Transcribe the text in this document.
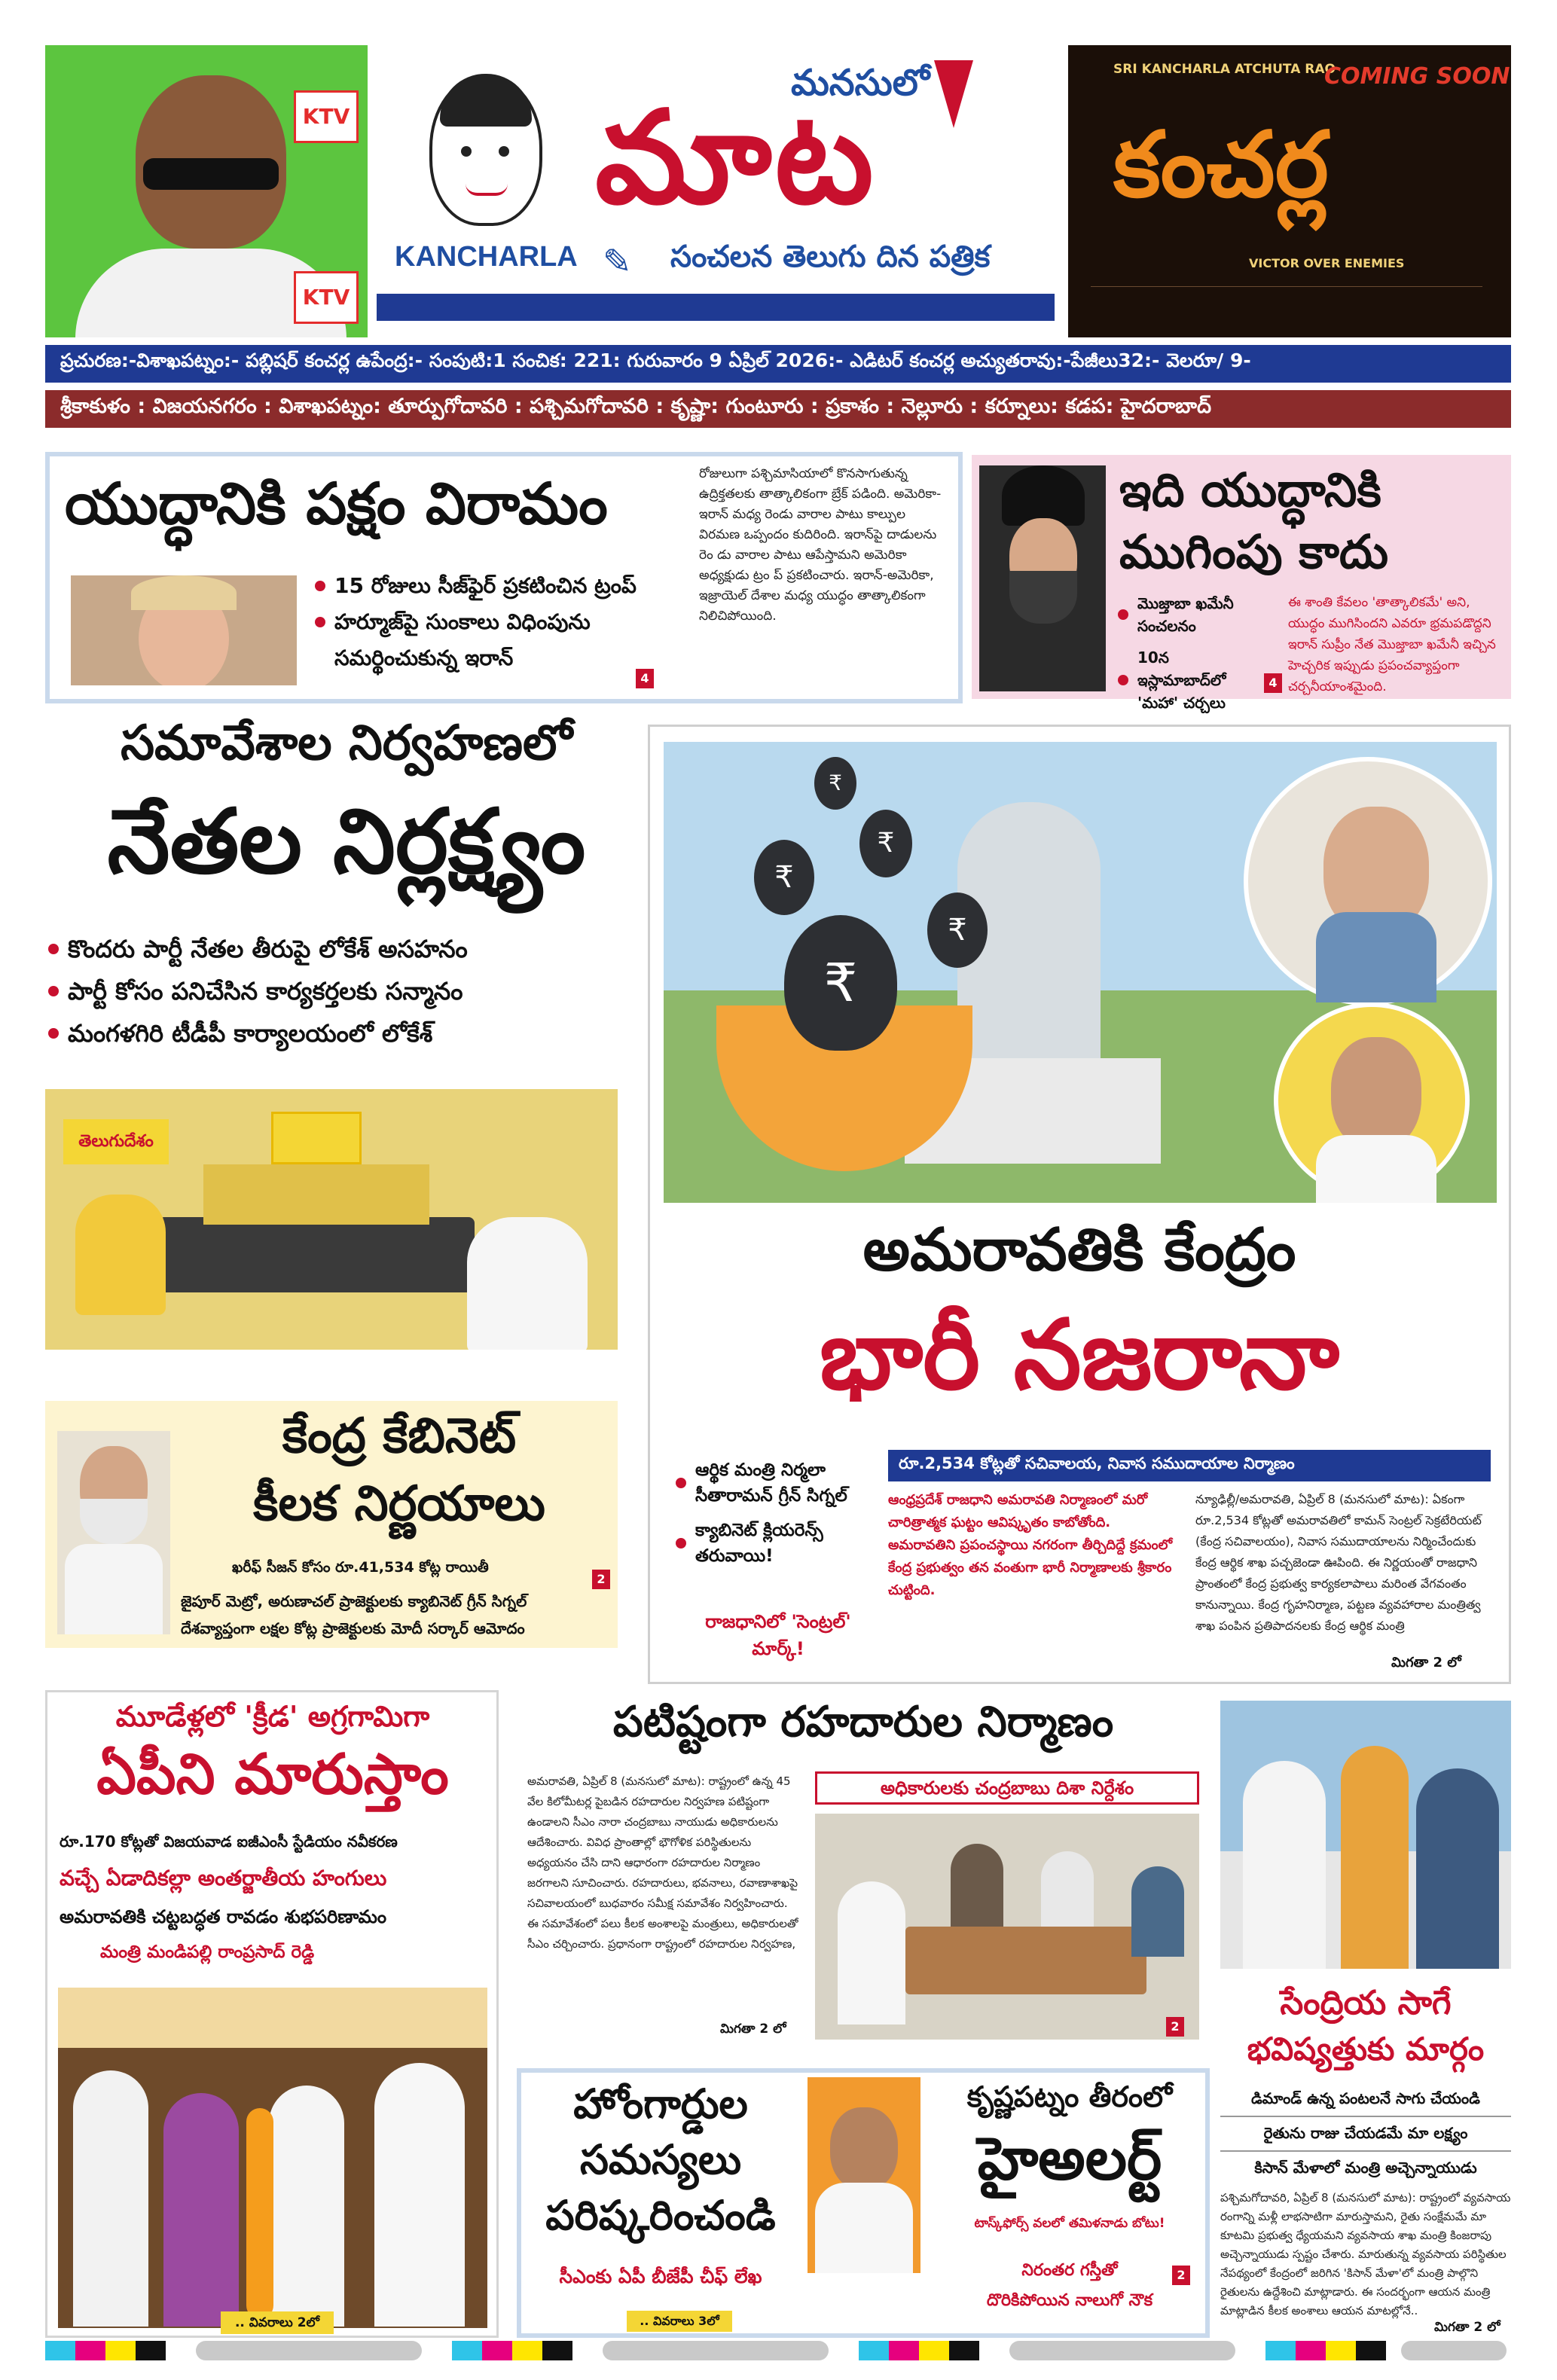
KTV
KTV
KANCHARLA
మనసులో
మాట
✎	సంచలన తెలుగు దిన పత్రిక
SRI KANCHARLA ATCHUTA RAO
COMING SOON
కంచర్ల
VICTOR OVER ENEMIES
ప్రచురణ:-విశాఖపట్నం:- పబ్లిషర్ కంచర్ల ఉపేంద్ర:- సంపుటి:1 సంచిక: 221: గురువారం 9 ఏప్రిల్ 2026:- ఎడిటర్ కంచర్ల అచ్యుతరావు:-పేజీలు32:- వెలరూ/ 9-
శ్రీకాకుళం : విజయనగరం : విశాఖపట్నం: తూర్పుగోదావరి : పశ్చిమగోదావరి : కృష్ణా: గుంటూరు : ప్రకాశం : నెల్లూరు : కర్నూలు: కడప: హైదరాబాద్
యుద్ధానికి పక్షం విరామం
15 రోజులు సీజ్‌ఫైర్ ప్రకటించిన ట్రంప్
హర్మూజ్‌పై సుంకాలు విధింపును
సమర్థించుకున్న ఇరాన్
4
రోజులుగా పశ్చిమాసియాలో కొనసాగుతున్న ఉద్రిక్తతలకు తాత్కాలికంగా బ్రేక్ పడింది. అమెరికా-ఇరాన్ మధ్య రెండు వారాల పాటు కాల్పుల విరమణ ఒప్పందం కుదిరింది. ఇరాన్‌పై దాడులను రెం డు వారాల పాటు ఆపేస్తామని అమెరికా అధ్యక్షుడు ట్రం ప్ ప్రకటించారు. ఇరాన్-అమెరికా, ఇజ్రాయెల్ దేశాల మధ్య యుద్ధం తాత్కాలికంగా నిలిచిపోయింది.
ఇది యుద్ధానికి
ముగింపు కాదు
మొజ్తాబా ఖమేనీ సంచలనం
10న ఇస్లామాబాద్‌లో 'మహా' చర్చలు
4
ఈ శాంతి కేవలం 'తాత్కాలికమే' అని, యుద్ధం ముగిసిందని ఎవరూ భ్రమపడొద్దని ఇరాన్ సుప్రీం నేత మొజ్తాబా ఖమేనీ ఇచ్చిన హెచ్చరిక ఇప్పుడు ప్రపంచవ్యాప్తంగా చర్చనీయాంశమైంది.
సమావేశాల నిర్వహణలో
నేతల నిర్లక్ష్యం
కొందరు పార్టీ నేతల తీరుపై లోకేశ్ అసహనం
పార్టీ కోసం పనిచేసిన కార్యకర్తలకు సన్మానం
మంగళగిరి టీడీపీ కార్యాలయంలో లోకేశ్
తెలుగుదేశం
కేంద్ర కేబినెట్
కీలక నిర్ణయాలు
ఖరీఫ్ సీజన్ కోసం రూ.41,534 కోట్ల రాయితీ
2
జైపూర్ మెట్రో, అరుణాచల్ ప్రాజెక్టులకు క్యాబినెట్ గ్రీన్ సిగ్నల్
దేశవ్యాప్తంగా లక్షల కోట్ల ప్రాజెక్టులకు మోదీ సర్కార్ ఆమోదం
₹
₹
₹
₹
₹
అమరావతికి కేంద్రం
భారీ నజరానా
రూ.2,534 కోట్లతో సచివాలయ, నివాస సముదాయాల నిర్మాణం
ఆర్థిక మంత్రి నిర్మలా సీతారామన్ గ్రీన్ సిగ్నల్
క్యాబినెట్ క్లియరెన్స్ తరువాయి!
రాజధానిలో 'సెంట్రల్' మార్క్!
ఆంధ్రప్రదేశ్ రాజధాని అమరావతి నిర్మాణంలో మరో చారిత్రాత్మక ఘట్టం ఆవిష్కృతం కాబోతోంది. అమరావతిని ప్రపంచస్థాయి నగరంగా తీర్చిదిద్దే క్రమంలో కేంద్ర ప్రభుత్వం తన వంతుగా భారీ నిర్మాణాలకు శ్రీకారం చుట్టింది.
న్యూఢిల్లీ/అమరావతి, ఏప్రిల్ 8 (మనసులో మాట): ఏకంగా రూ.2,534 కోట్లతో అమరావతిలో కామన్ సెంట్రల్ సెక్రటేరియట్ (కేంద్ర సచివాలయం), నివాస సముదాయాలను నిర్మించేందుకు కేంద్ర ఆర్థిక శాఖ పచ్చజెండా ఊపింది. ఈ నిర్ణయంతో రాజధాని ప్రాంతంలో కేంద్ర ప్రభుత్వ కార్యకలాపాలు మరింత వేగవంతం కానున్నాయి. కేంద్ర గృహనిర్మాణ, పట్టణ వ్యవహారాల మంత్రిత్వ శాఖ పంపిన ప్రతిపాదనలకు కేంద్ర ఆర్థిక మంత్రి
మిగతా 2 లో
మూడేళ్లలో 'క్రీడ' అగ్రగామిగా
ఏపీని మారుస్తాం
రూ.170 కోట్లతో విజయవాడ ఐజీఎంసీ స్టేడియం నవీకరణ
వచ్చే ఏడాదికల్లా అంతర్జాతీయ హంగులు
అమరావతికి చట్టబద్ధత రావడం శుభపరిణామం
మంత్రి మండిపల్లి రాంప్రసాద్ రెడ్డి
.. వివరాలు 2లో
పటిష్టంగా రహదారుల నిర్మాణం
అమరావతి, ఏప్రిల్ 8 (మనసులో మాట): రాష్ట్రంలో ఉన్న 45 వేల కిలోమీటర్ల పైబడిన రహదారుల నిర్వహణ పటిష్టంగా ఉండాలని సీఎం నారా చంద్రబాబు నాయుడు అధికారులను ఆదేశించారు. వివిధ ప్రాంతాల్లో భౌగోళిక పరిస్థితులను అధ్యయనం చేసి దాని ఆధారంగా రహదారుల నిర్మాణం జరగాలని సూచించారు. రహదారులు, భవనాలు, రవాణాశాఖపై సచివాలయంలో బుధవారం సమీక్ష సమావేశం నిర్వహించారు. ఈ సమావేశంలో పలు కీలక అంశాలపై మంత్రులు, అధికారులతో సీఎం చర్చించారు. ప్రధానంగా రాష్ట్రంలో రహదారుల నిర్వహణ,
మిగతా 2 లో
అధికారులకు చంద్రబాబు దిశా నిర్దేశం
2
సేంద్రియ సాగే
భవిష్యత్తుకు మార్గం
డిమాండ్ ఉన్న పంటలనే సాగు చేయండి
రైతును రాజు చేయడమే మా లక్ష్యం
కిసాన్ మేళాలో మంత్రి అచ్చెన్నాయుడు
పశ్చిమగోదావరి, ఏప్రిల్ 8 (మనసులో మాట): రాష్ట్రంలో వ్యవసాయ రంగాన్ని మళ్లీ లాభసాటిగా మారుస్తామని, రైతు సంక్షేమమే మా కూటమి ప్రభుత్వ ధ్యేయమని వ్యవసాయ శాఖ మంత్రి కింజరాపు అచ్చెన్నాయుడు స్పష్టం చేశారు. మారుతున్న వ్యవసాయ పరిస్థితుల నేపథ్యంలో కేంద్రంలో జరిగిన 'కిసాన్ మేళా'లో మంత్రి పాల్గొని రైతులను ఉద్దేశించి మాట్లాడారు. ఈ సందర్భంగా ఆయన మంత్రి మాట్లాడిన కీలక అంశాలు ఆయన మాటల్లోనే..
మిగతా 2 లో
హోంగార్డుల
సమస్యలు
పరిష్కరించండి
సీఎంకు ఏపీ బీజేపీ చీఫ్ లేఖ
.. వివరాలు 3లో
కృష్ణపట్నం తీరంలో
హైఅలర్ట్
టాస్క్‌ఫోర్స్ వలలో తమిళనాడు బోటు!
నిరంతర గస్తీతో
దొరికిపోయిన నాలుగో నౌక
2
